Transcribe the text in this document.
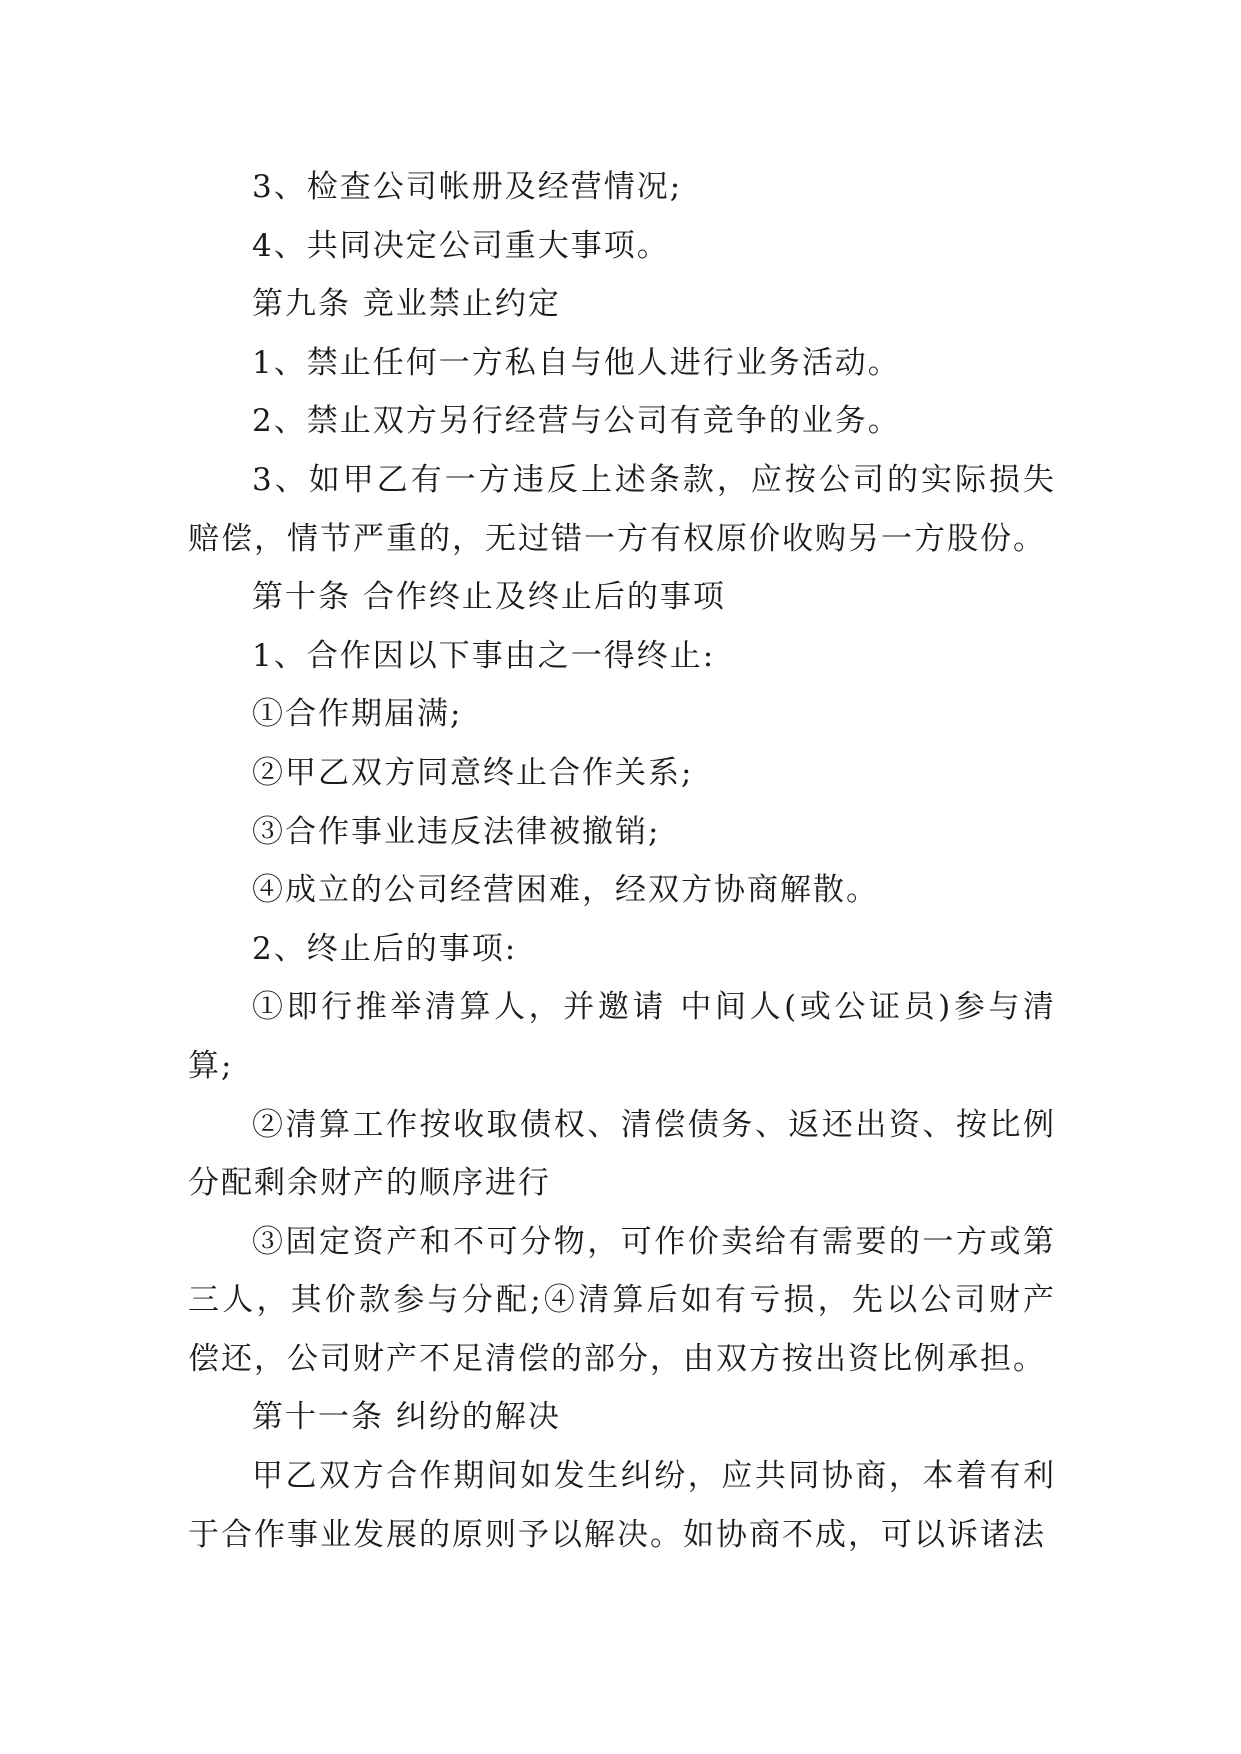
3、检查公司帐册及经营情况;

4、共同决定公司重大事项。

第九条 竞业禁止约定

1、禁止任何一方私自与他人进行业务活动。

2、禁止双方另行经营与公司有竞争的业务。

3、如甲乙有一方违反上述条款，应按公司的实际损失赔偿，情节严重的，无过错一方有权原价收购另一方股份。

第十条 合作终止及终止后的事项

1、合作因以下事由之一得终止:

①合作期届满;

②甲乙双方同意终止合作关系;

③合作事业违反法律被撤销;

④成立的公司经营困难，经双方协商解散。

2、终止后的事项:

①即行推举清算人，并邀请 中间人(或公证员)参与清算;

②清算工作按收取债权、清偿债务、返还出资、按比例分配剩余财产的顺序进行

③固定资产和不可分物，可作价卖给有需要的一方或第三人，其价款参与分配;④清算后如有亏损，先以公司财产偿还，公司财产不足清偿的部分，由双方按出资比例承担。

第十一条 纠纷的解决

甲乙双方合作期间如发生纠纷，应共同协商，本着有利于合作事业发展的原则予以解决。如协商不成，可以诉诸法
